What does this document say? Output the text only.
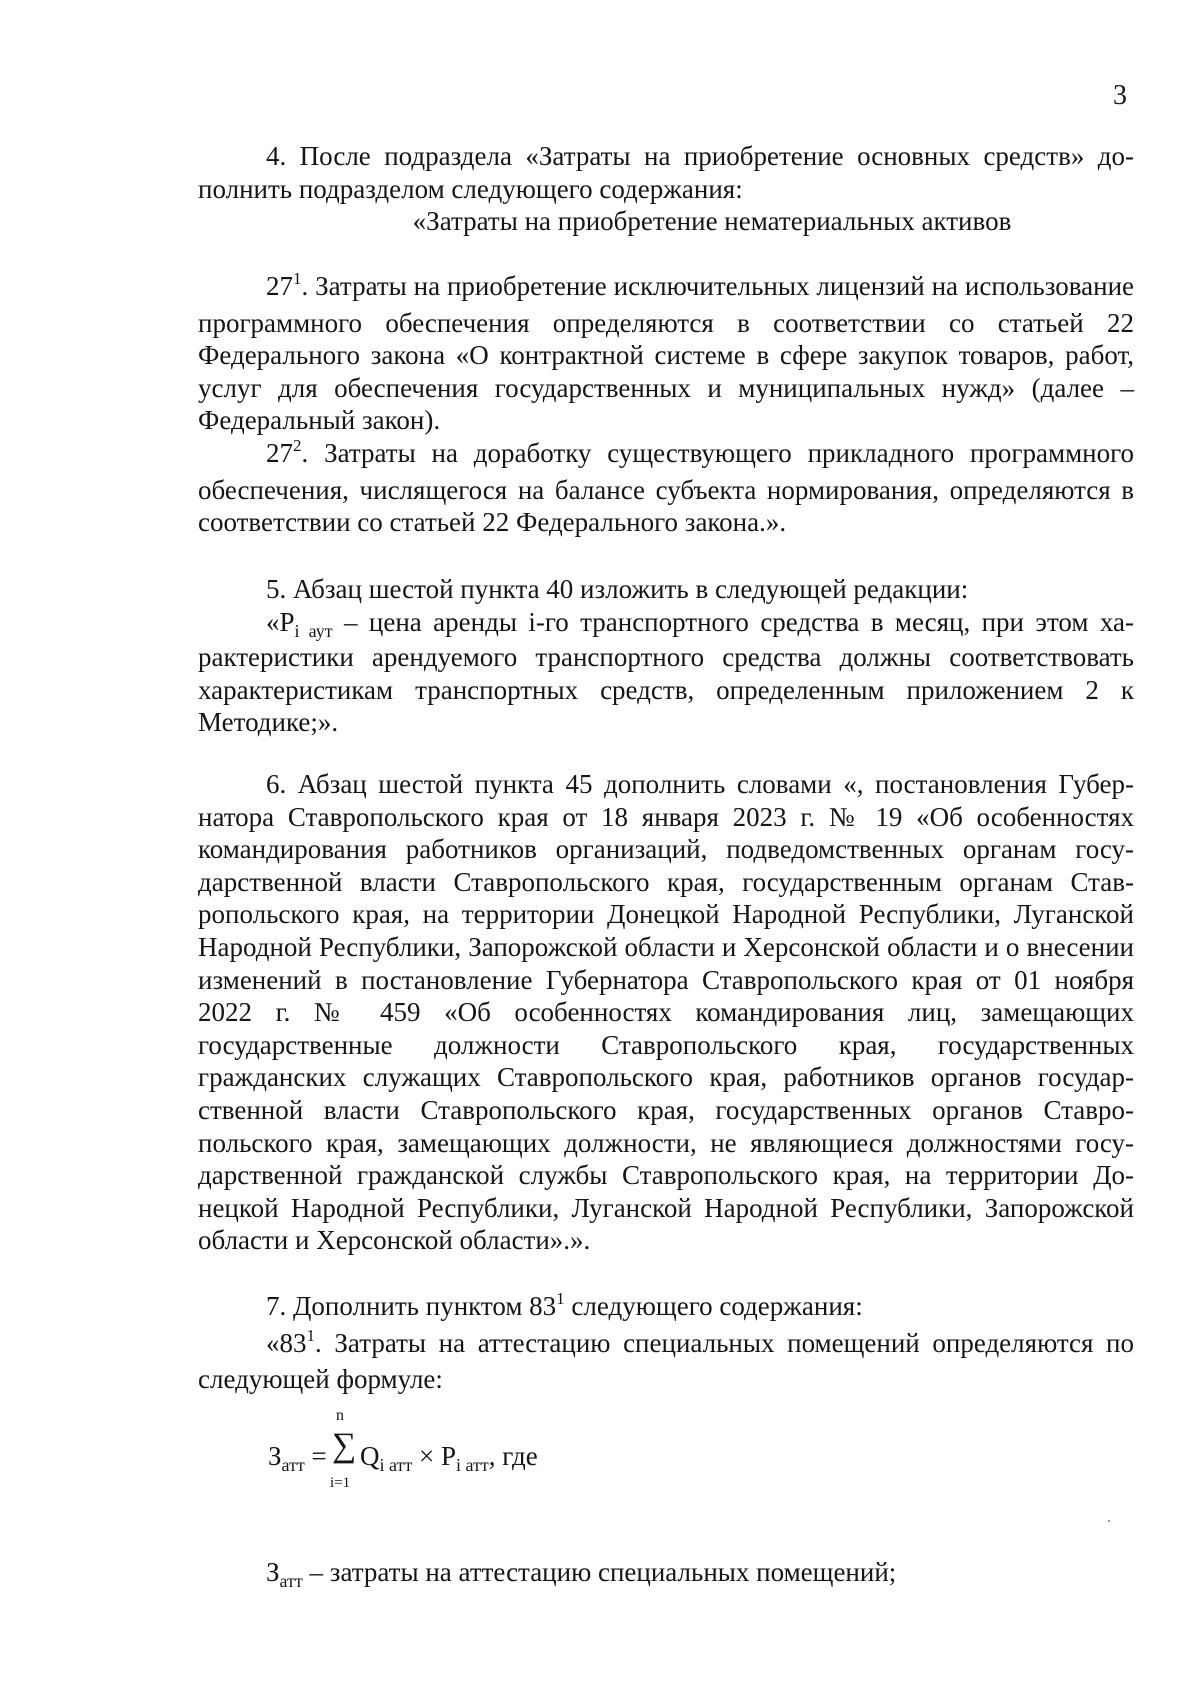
3

4. После подраздела «Затраты на приобретение основных средств» дополнить подразделом следующего содержания:

«Затраты на приобретение нематериальных активов

$27^1$. Затраты на приобретение исключительных лицензий на использование программного обеспечения определяются в соответствии со статьей 22 Федерального закона «О контрактной системе в сфере закупок товаров, работ, услуг для обеспечения государственных и муниципальных нужд» (далее – Федеральный закон).

$27^2$. Затраты на доработку существующего прикладного программного обеспечения, числящегося на балансе субъекта нормирования, определяются в соответствии со статьей 22 Федерального закона.».

5. Абзац шестой пункта 40 изложить в следующей редакции:

«$P_{i аут}$ – цена аренды i-го транспортного средства в месяц, при этом характеристики арендуемого транспортного средства должны соответствовать характеристикам транспортных средств, определенным приложением 2 к Методике;».

6. Абзац шестой пункта 45 дополнить словами «, постановления Губернатора Ставропольского края от 18 января 2023 г. № 19 «Об особенностях командирования работников организаций, подведомственных органам государственной власти Ставропольского края, государственным органам Ставропольского края, на территории Донецкой Народной Республики, Луганской Народной Республики, Запорожской области и Херсонской области и о внесении изменений в постановление Губернатора Ставропольского края от 01 ноября 2022 г. № 459 «Об особенностях командирования лиц, замещающих государственные должности Ставропольского края, государственных гражданских служащих Ставропольского края, работников органов государственной власти Ставропольского края, государственных органов Ставропольского края, замещающих должности, не являющиеся должностями государственной гражданской службы Ставропольского края, на территории Донецкой Народной Республики, Луганской Народной Республики, Запорожской области и Херсонской области».».

7. Дополнить пунктом $83^1$ следующего содержания:

«$83^1$. Затраты на аттестацию специальных помещений определяются по следующей формуле:

$З_{атт}$ =
n
∑
i=1
$Q_{i атт} \times P_{i атт}$, где

$З_{атт}$ – затраты на аттестацию специальных помещений;
